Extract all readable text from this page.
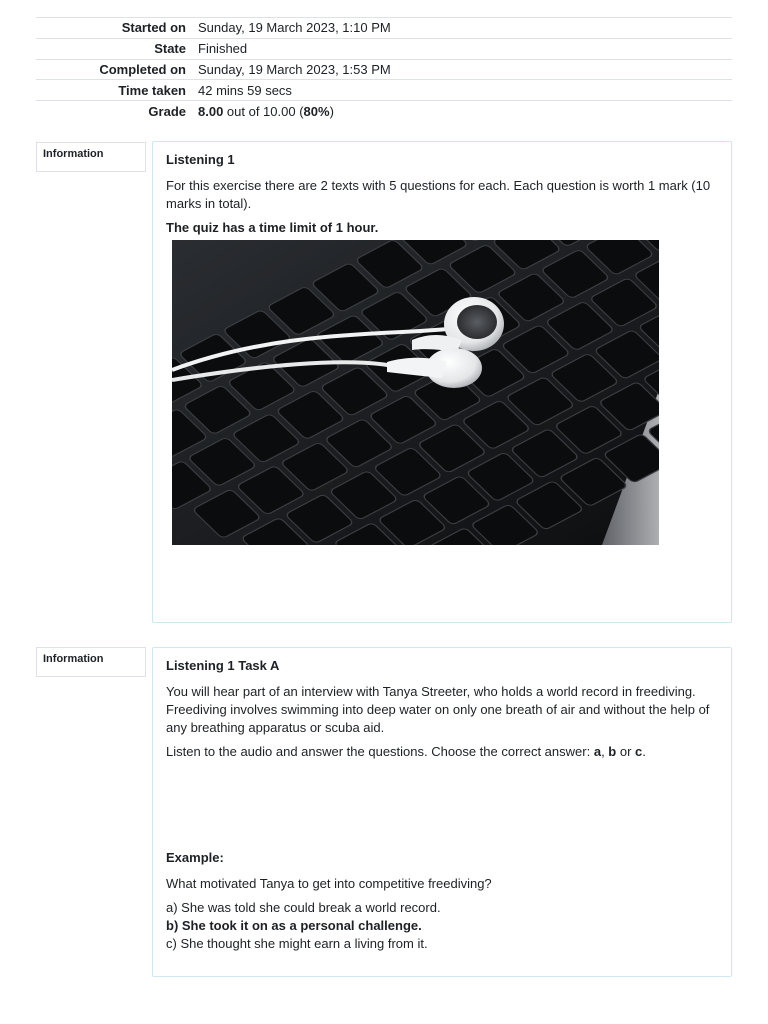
Started on	Sunday, 19 March 2023, 1:10 PM
State	Finished
Completed on	Sunday, 19 March 2023, 1:53 PM
Time taken	42 mins 59 secs
Grade	8.00 out of 10.00 (80%)
Information	Listening 1

For this exercise there are 2 texts with 5 questions for each. Each question is worth 1 mark (10 marks in total).

The quiz has a time limit of 1 hour.

Information	Listening 1 Task A

You will hear part of an interview with Tanya Streeter, who holds a world record in freediving. Freediving involves swimming into deep water on only one breath of air and without the help of any breathing apparatus or scuba aid.

Listen to the audio and answer the questions. Choose the correct answer: a, b or c.

Example:

What motivated Tanya to get into competitive freediving?

a) She was told she could break a world record.

b) She took it on as a personal challenge.

c) She thought she might earn a living from it.
